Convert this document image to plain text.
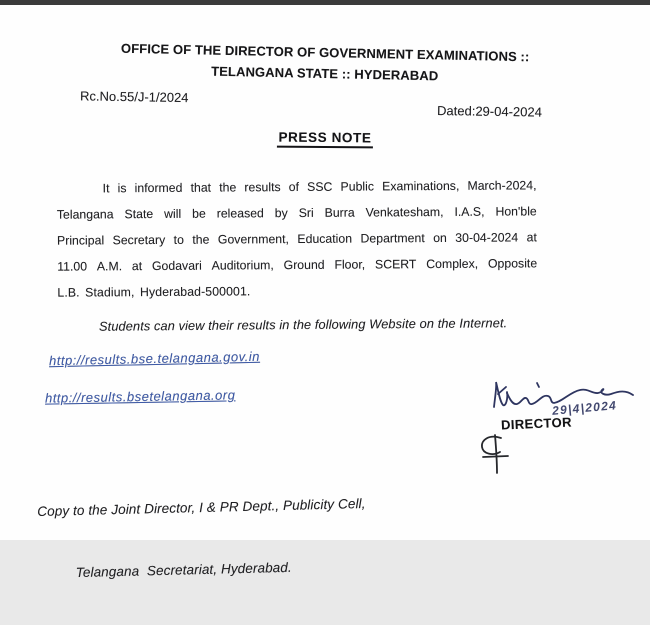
OFFICE OF THE DIRECTOR OF GOVERNMENT EXAMINATIONS ::
TELANGANA STATE :: HYDERABAD
Rc.No.55/J-1/2024
Dated:29-04-2024
PRESS NOTE
It is informed that the results of SSC Public Examinations, March-2024,
Telangana State will be released by Sri Burra Venkatesham, I.A.S, Hon'ble
Principal Secretary to the Government, Education Department on 30-04-2024 at
11.00 A.M. at Godavari Auditorium, Ground Floor, SCERT Complex, Opposite
L.B. Stadium, Hyderabad-500001.
Students can view their results in the following Website on the Internet.
http://results.bse.telangana.gov.in
http://results.bsetelangana.org
29|4|2024
DIRECTOR

Copy to the Joint Director, I & PR Dept., Publicity Cell,

Telangana  Secretariat, Hyderabad.
